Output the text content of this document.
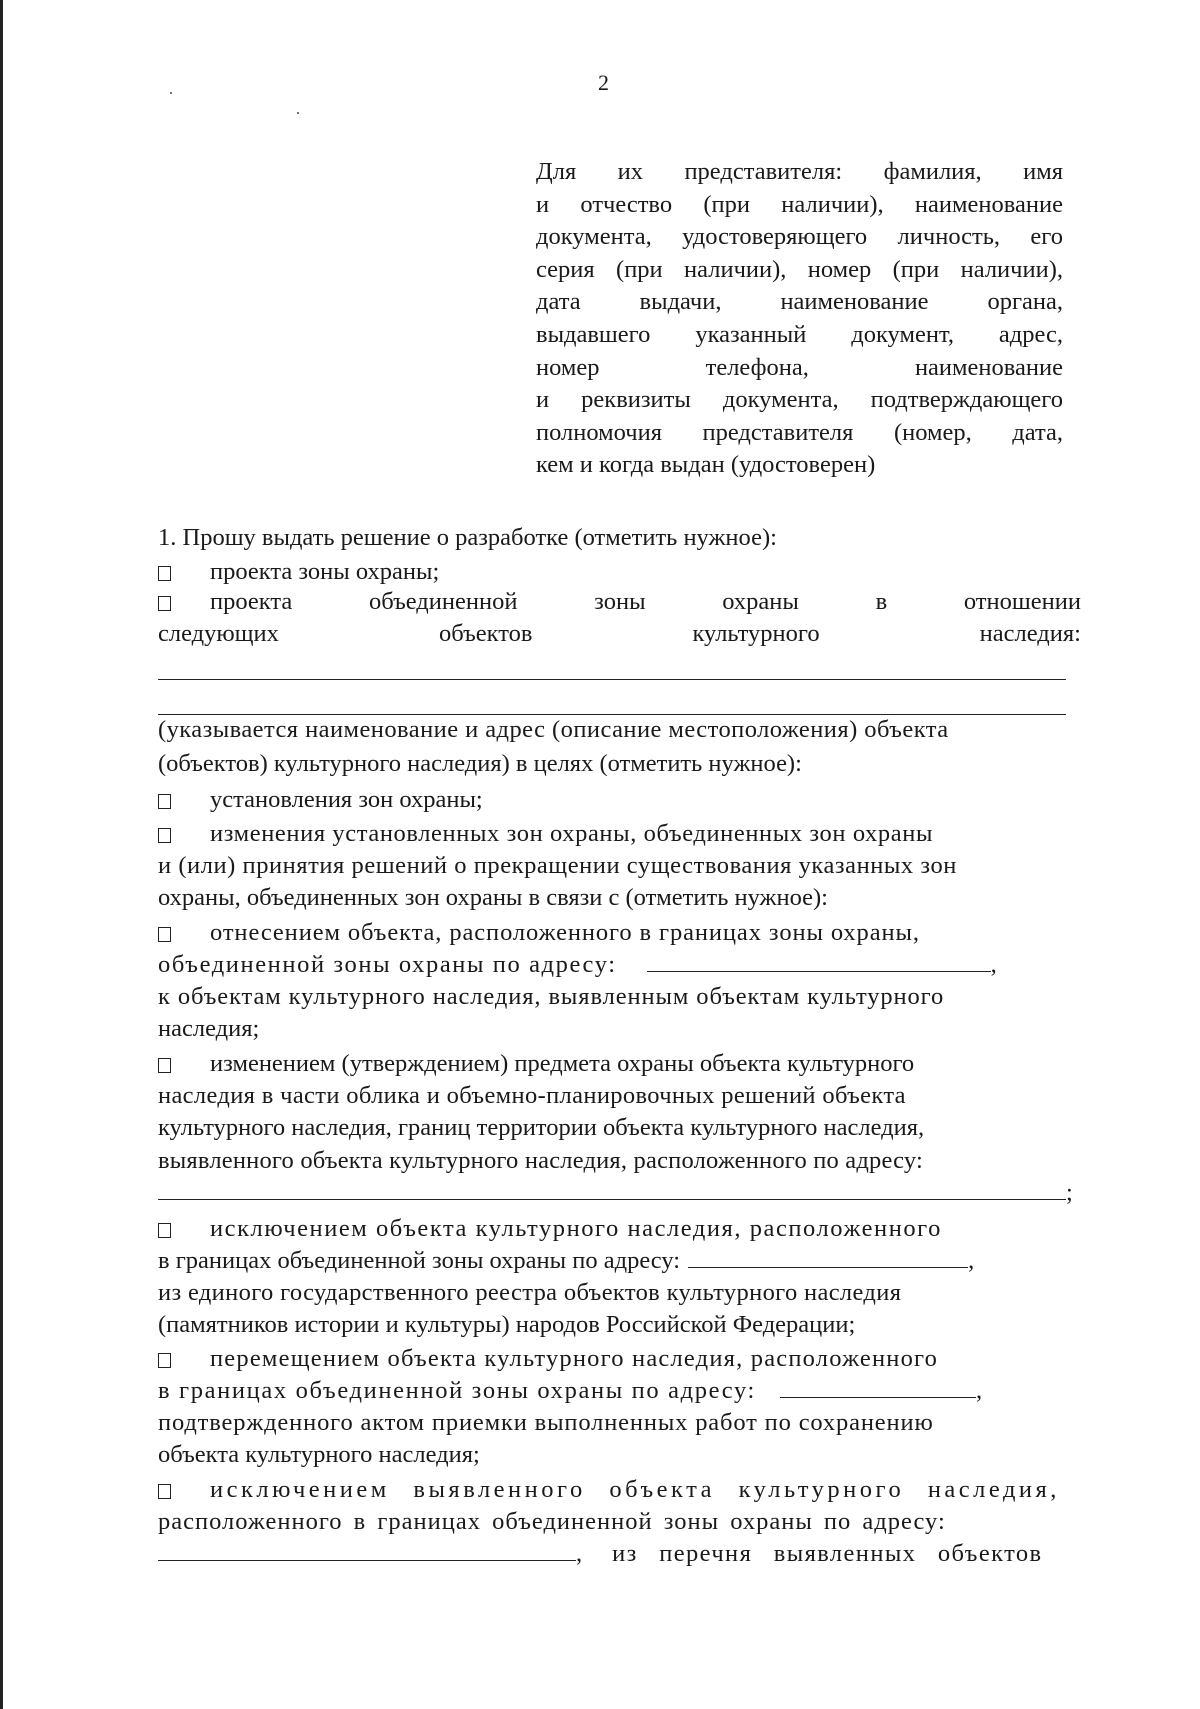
2
Для их представителя: фамилия, имя
и отчество (при наличии), наименование
документа, удостоверяющего личность, его
серия (при наличии), номер (при наличии),
дата выдачи, наименование органа,
выдавшего указанный документ, адрес,
номер телефона, наименование
и реквизиты документа, подтверждающего
полномочия представителя (номер, дата,
кем и когда выдан (удостоверен)
1. Прошу выдать решение о разработке (отметить нужное):
проекта зоны охраны;
проекта	объединенной	зоны	охраны	в	отношении
следующих	объектов	культурного	наследия:
(указывается наименование и адрес (описание местоположения) объекта
(объектов) культурного наследия) в целях (отметить нужное):
установления зон охраны;
изменения установленных зон охраны, объединенных зон охраны
и (или) принятия решений о прекращении существования указанных зон
охраны, объединенных зон охраны в связи с (отметить нужное):
отнесением объекта, расположенного в границах зоны охраны,
объединенной зоны охраны по адресу:	,
к объектам культурного наследия, выявленным объектам культурного
наследия;
изменением (утверждением) предмета охраны объекта культурного
наследия в части облика и объемно-планировочных решений объекта
культурного наследия, границ территории объекта культурного наследия,
выявленного объекта культурного наследия, расположенного по адресу:
;
исключением объекта культурного наследия, расположенного
в границах объединенной зоны охраны по адресу:	,
из единого государственного реестра объектов культурного наследия
(памятников истории и культуры) народов Российской Федерации;
перемещением объекта культурного наследия, расположенного
в границах объединенной зоны охраны по адресу:	,
подтвержденного актом приемки выполненных работ по сохранению
объекта культурного наследия;
исключением выявленного объекта культурного наследия,
расположенного в границах объединенной зоны охраны по адресу:
, из перечня выявленных объектов
